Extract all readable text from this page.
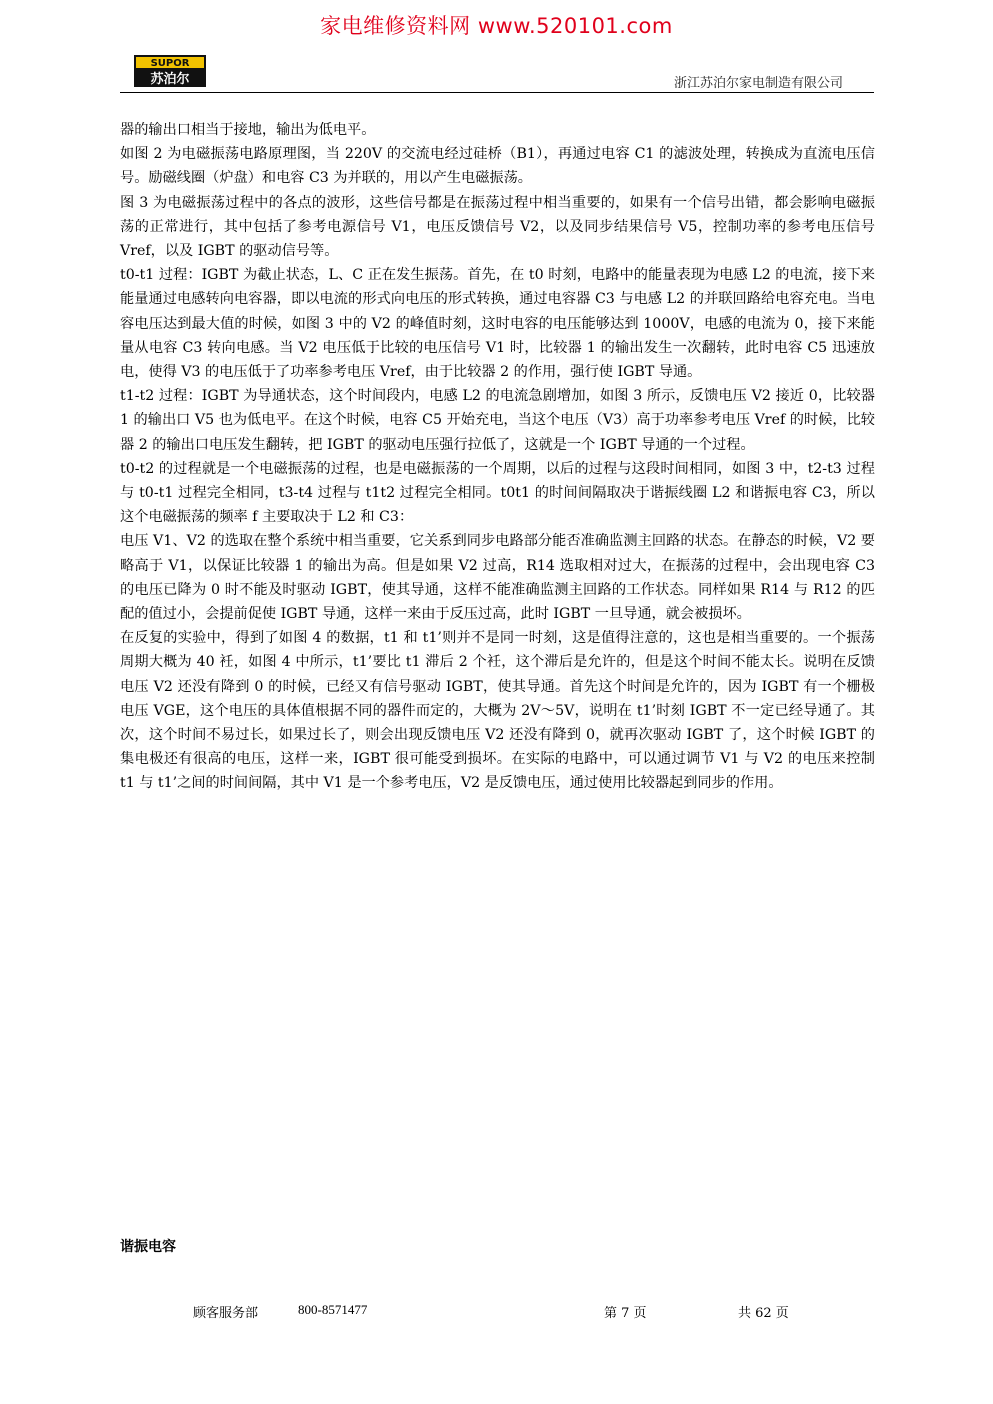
家电维修资料网 www.520101.com
SUPOR
苏泊尔	浙江苏泊尔家电制造有限公司

器的输出口相当于接地，输出为低电平。

如图 2 为电磁振荡电路原理图，当 220V 的交流电经过硅桥（B1），再通过电容 C1 的滤波处理，转换成为直流电压信号。励磁线圈（炉盘）和电容 C3 为并联的，用以产生电磁振荡。

图 3 为电磁振荡过程中的各点的波形，这些信号都是在振荡过程中相当重要的，如果有一个信号出错，都会影响电磁振荡的正常进行，其中包括了参考电源信号 V1，电压反馈信号 V2，以及同步结果信号 V5，控制功率的参考电压信号 Vref，以及 IGBT 的驱动信号等。

t0-t1 过程：IGBT 为截止状态，L、C 正在发生振荡。首先，在 t0 时刻，电路中的能量表现为电感 L2 的电流，接下来能量通过电感转向电容器，即以电流的形式向电压的形式转换，通过电容器 C3 与电感 L2 的并联回路给电容充电。当电容电压达到最大值的时候，如图 3 中的 V2 的峰值时刻，这时电容的电压能够达到 1000V，电感的电流为 0，接下来能量从电容 C3 转向电感。当 V2 电压低于比较的电压信号 V1 时，比较器 1 的输出发生一次翻转，此时电容 C5 迅速放电，使得 V3 的电压低于了功率参考电压 Vref，由于比较器 2 的作用，强行使 IGBT 导通。

t1-t2 过程：IGBT 为导通状态，这个时间段内，电感 L2 的电流急剧增加，如图 3 所示，反馈电压 V2 接近 0，比较器 1 的输出口 V5 也为低电平。在这个时候，电容 C5 开始充电，当这个电压（V3）高于功率参考电压 Vref 的时候，比较器 2 的输出口电压发生翻转，把 IGBT 的驱动电压强行拉低了，这就是一个 IGBT 导通的一个过程。

t0-t2 的过程就是一个电磁振荡的过程，也是电磁振荡的一个周期，以后的过程与这段时间相同，如图 3 中，t2-t3 过程与 t0-t1 过程完全相同，t3-t4 过程与 t1t2 过程完全相同。t0t1 的时间间隔取决于谐振线圈 L2 和谐振电容 C3，所以这个电磁振荡的频率 f 主要取决于 L2 和 C3：

电压 V1、V2 的选取在整个系统中相当重要，它关系到同步电路部分能否准确监测主回路的状态。在静态的时候，V2 要略高于 V1，以保证比较器 1 的输出为高。但是如果 V2 过高，R14 选取相对过大，在振荡的过程中，会出现电容 C3 的电压已降为 0 时不能及时驱动 IGBT，使其导通，这样不能准确监测主回路的工作状态。同样如果 R14 与 R12 的匹配的值过小，会提前促使 IGBT 导通，这样一来由于反压过高，此时 IGBT 一旦导通，就会被损坏。

在反复的实验中，得到了如图 4 的数据，t1 和 t1’则并不是同一时刻，这是值得注意的，这也是相当重要的。一个振荡周期大概为 40 衽，如图 4 中所示，t1’要比 t1 滞后 2 个衽，这个滞后是允许的，但是这个时间不能太长。说明在反馈电压 V2 还没有降到 0 的时候，已经又有信号驱动 IGBT，使其导通。首先这个时间是允许的，因为 IGBT 有一个栅极电压 VGE，这个电压的具体值根据不同的器件而定的，大概为 2V～5V，说明在 t1’时刻 IGBT 不一定已经导通了。其次，这个时间不易过长，如果过长了，则会出现反馈电压 V2 还没有降到 0，就再次驱动 IGBT 了，这个时候 IGBT 的集电极还有很高的电压，这样一来，IGBT 很可能受到损坏。在实际的电路中，可以通过调节 V1 与 V2 的电压来控制 t1 与 t1’之间的时间间隔，其中 V1 是一个参考电压，V2 是反馈电压，通过使用比较器起到同步的作用。

谐振电容
顾客服务部	800-8571477	第 7 页	共 62 页
